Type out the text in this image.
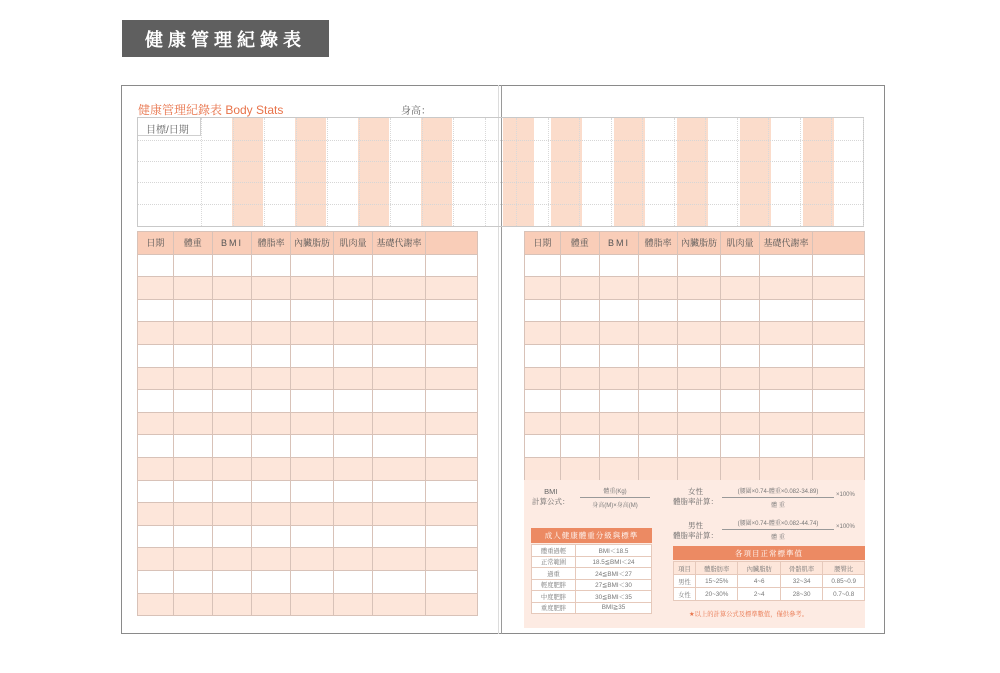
健康管理紀錄表
健康管理紀錄表 Body Stats	身高：
目標/日期
日期	體重	BMI	體脂率	內臟脂肪	肌肉量	基礎代謝率	

								日期	體重	BMI	體脂率	內臟脂肪	肌肉量	基礎代謝率	

BMI
計算公式：
體重(Kg)
身高(M)×身高(M)
女性
體脂率計算：
(腰圍×0.74-體重×0.082-34.89)
體 重
×100%
男性
體脂率計算：
(腰圍×0.74-體重×0.082-44.74)
體 重
×100%
成人健康體重分級與標準
體重過輕	BMI＜18.5
正常範圍	18.5≦BMI＜24
過重	24≦BMI＜27
輕度肥胖	27≦BMI＜30
中度肥胖	30≦BMI＜35
重度肥胖	BMI≧35
各項目正常標準值
項目	體脂肪率	內臟脂肪	骨骼肌率	腰臀比
男性	15~25%	4~6	32~34	0.85~0.9
女性	20~30%	2~4	28~30	0.7~0.8
★以上的計算公式及標準數值，僅供參考。
